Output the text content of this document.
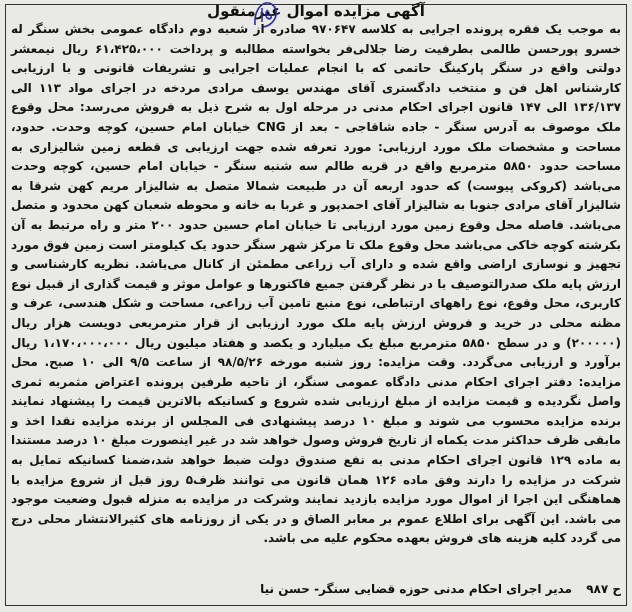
آگهی مزایده اموال غیرمنقول

به موجب یک فقره پرونده اجرایی به کلاسه ۹۷۰۶۴۷ صادره از شعبه دوم دادگاه عمومی بخش سنگر له خسرو پورحسن طالمی بطرفیت رضا جلالی‌فر بخواسته مطالبه و پرداخت ۶۱،۴۲۵،۰۰۰ ریال نیمعشر دولتی واقع در سنگر پارکینگ حاتمی که با انجام عملیات اجرایی و تشریفات قانونی و با ارزیابی کارشناس اهل فن و منتخب دادگستری آقای مهندس یوسف مرادی مردخه در اجرای مواد ۱۱۳ الی ۱۳۶/۱۳۷ الی ۱۴۷ قانون اجرای احکام مدنی در مرحله اول به شرح ذیل به فروش می‌رسد: محل وقوع ملک موصوف به آدرس سنگر - جاده شاقاجی - بعد از CNG خیابان امام حسین، کوچه وحدت. حدود، مساحت و مشخصات ملک مورد ارزیابی: مورد تعرفه شده جهت ارزیابی ی قطعه زمین شالیزاری به مساحت حدود ۵۸۵۰ مترمربع واقع در قریه طالم سه شنبه سنگر - خیابان امام حسین، کوچه وحدت می‌باشد (کروکی پیوست) که حدود اربعه آن در طبیعت شمالا متصل به شالیزار مریم کهن شرقا به شالیزار آقای مرادی جنوبا به شالیزار آقای احمدپور و غربا به خانه و محوطه شعبان کهن محدود و متصل می‌باشد. فاصله محل وقوع زمین مورد ارزیابی تا خیابان امام حسین حدود ۲۰۰ متر و راه مرتبط به آن بکرشته کوچه خاکی می‌باشد محل وقوع ملک تا مرکز شهر سنگر حدود یک کیلومتر است زمین فوق مورد تجهیز و نوسازی اراضی واقع شده و دارای آب زراعی مطمئن از کانال می‌باشد. نظریه کارشناسی و ارزش پایه ملک صدرالتوصیف با در نظر گرفتن جمیع فاکتورها و عوامل موثر و قیمت گذاری از قبیل نوع کاربری، محل وقوع، نوع راههای ارتباطی، نوع منبع تامین آب زراعی، مساحت و شکل هندسی، عرف و مظنه محلی در خرید و فروش ارزش پایه ملک مورد ارزیابی از قرار مترمربعی دویست هزار ریال (۲۰۰۰۰۰) و در سطح ۵۸۵۰ مترمربع مبلغ یک میلیارد و یکصد و هفتاد میلیون ریال ۱،۱۷۰،۰۰۰،۰۰۰ ریال برآورد و ارزیابی می‌گردد. وقت مزایده: روز شنبه مورخه ۹۸/۵/۲۶ از ساعت ۹/۵ الی ۱۰ صبح. محل مزایده: دفتر اجرای احکام مدنی دادگاه عمومی سنگر، از ناحیه طرفین پرونده اعتراض مثمربه ثمری واصل نگردیده و قیمت مزایده از مبلغ ارزیابی شده شروع و کسانیکه بالاترین قیمت را پیشنهاد نمایند برنده مزایده محسوب می شوند و مبلغ ۱۰ درصد پیشنهادی فی المجلس از برنده مزایده نقدا اخذ و مابقی ظرف حداکثر مدت یکماه از تاریخ فروش وصول خواهد شد در غیر اینصورت مبلغ ۱۰ درصد مستندا به ماده ۱۲۹ قانون اجرای احکام مدنی به نفع صندوق دولت ضبط خواهد شد،ضمنا کسانیکه تمایل به شرکت در مزایده را دارند وفق ماده ۱۲۶ همان قانون می توانند ظرف۵ روز قبل از شروع مزایده با هماهنگی این اجرا از اموال مورد مزایده بازدید نمایند وشرکت در مزایده به منزله قبول وضعیت موجود می باشد. این آگهی برای اطلاع عموم بر معابر الصاق و در یکی از روزنامه های کثیرالانتشار محلی درج می گردد کلیه هزینه های فروش بعهده محکوم علیه می باشد.

ح ۹۸۷ مدیر اجرای احکام مدنی حوزه قضایی سنگر- حسن نیا
